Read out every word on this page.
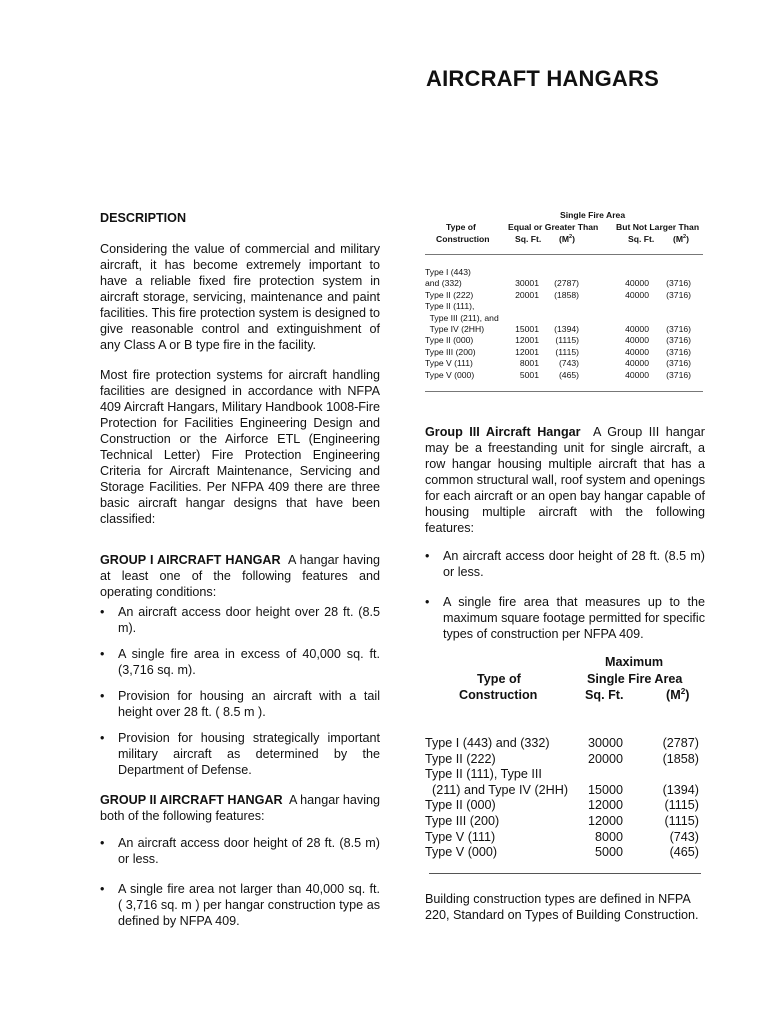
AIRCRAFT HANGARS
DESCRIPTION
Considering the value of commercial and military aircraft, it has become extremely important to have a reliable fixed fire protection system in aircraft storage, servicing, maintenance and paint facilities. This fire protection system is designed to give reasonable control and extinguishment of any Class A or B type fire in the facility.
Most fire protection systems for aircraft handling facilities are designed in accordance with NFPA 409 Aircraft Hangars, Military Handbook 1008-Fire Protection for Facilities Engineering Design and Construction or the Airforce ETL (Engineering Technical Letter) Fire Protection Engineering Criteria for Aircraft Maintenance, Servicing and Storage Facilities. Per NFPA 409 there are three basic aircraft hangar designs that have been classified:
GROUP I AIRCRAFT HANGAR A hangar having at least one of the following features and operating conditions:
• An aircraft access door height over 28 ft. (8.5 m).
• A single fire area in excess of 40,000 sq. ft. (3,716 sq. m).
• Provision for housing an aircraft with a tail height over 28 ft. ( 8.5 m ).
• Provision for housing strategically important military aircraft as determined by the Department of Defense.
GROUP II AIRCRAFT HANGAR A hangar having both of the following features:
• An aircraft access door height of 28 ft. (8.5 m) or less.
• A single fire area not larger than 40,000 sq. ft. ( 3,716 sq. m ) per hangar construction type as defined by NFPA 409.
Single Fire Area
Type of	Equal or Greater Than But Not Larger Than
Construction	Sq. Ft. $(M^2)$	Sq. Ft. $(M^2)$
Type I (443)
and (332)	30001	(2787)	40000	(3716)
Type II (222)	20001	(1858)	40000	(3716)
Type II (111),
Type III (211), and
Type IV (2HH)	15001	(1394)	40000	(3716)
Type II (000)	12001	(1115)	40000	(3716)
Type III (200)	12001	(1115)	40000	(3716)
Type V (111)	8001	(743)	40000	(3716)
Type V (000)	5001	(465)	40000	(3716)
Group III Aircraft Hangar A Group III hangar may be a freestanding unit for single aircraft, a row hangar housing multiple aircraft that has a common structural wall, roof system and openings for each aircraft or an open bay hangar capable of housing multiple aircraft with the following features:
• An aircraft access door height of 28 ft. (8.5 m) or less.
• A single fire area that measures up to the maximum square footage permitted for specific types of construction per NFPA 409.
Maximum
Type of	Single Fire Area
Construction	Sq. Ft.	$(M^2)$
Type I (443) and (332)	30000	(2787)
Type II (222)	20000	(1858)
Type II (111), Type III
(211) and Type IV (2HH)	15000	(1394)
Type II (000)	12000	(1115)
Type III (200)	12000	(1115)
Type V (111)	8000	(743)
Type V (000)	5000	(465)
Building construction types are defined in NFPA 220, Standard on Types of Building Construction.
